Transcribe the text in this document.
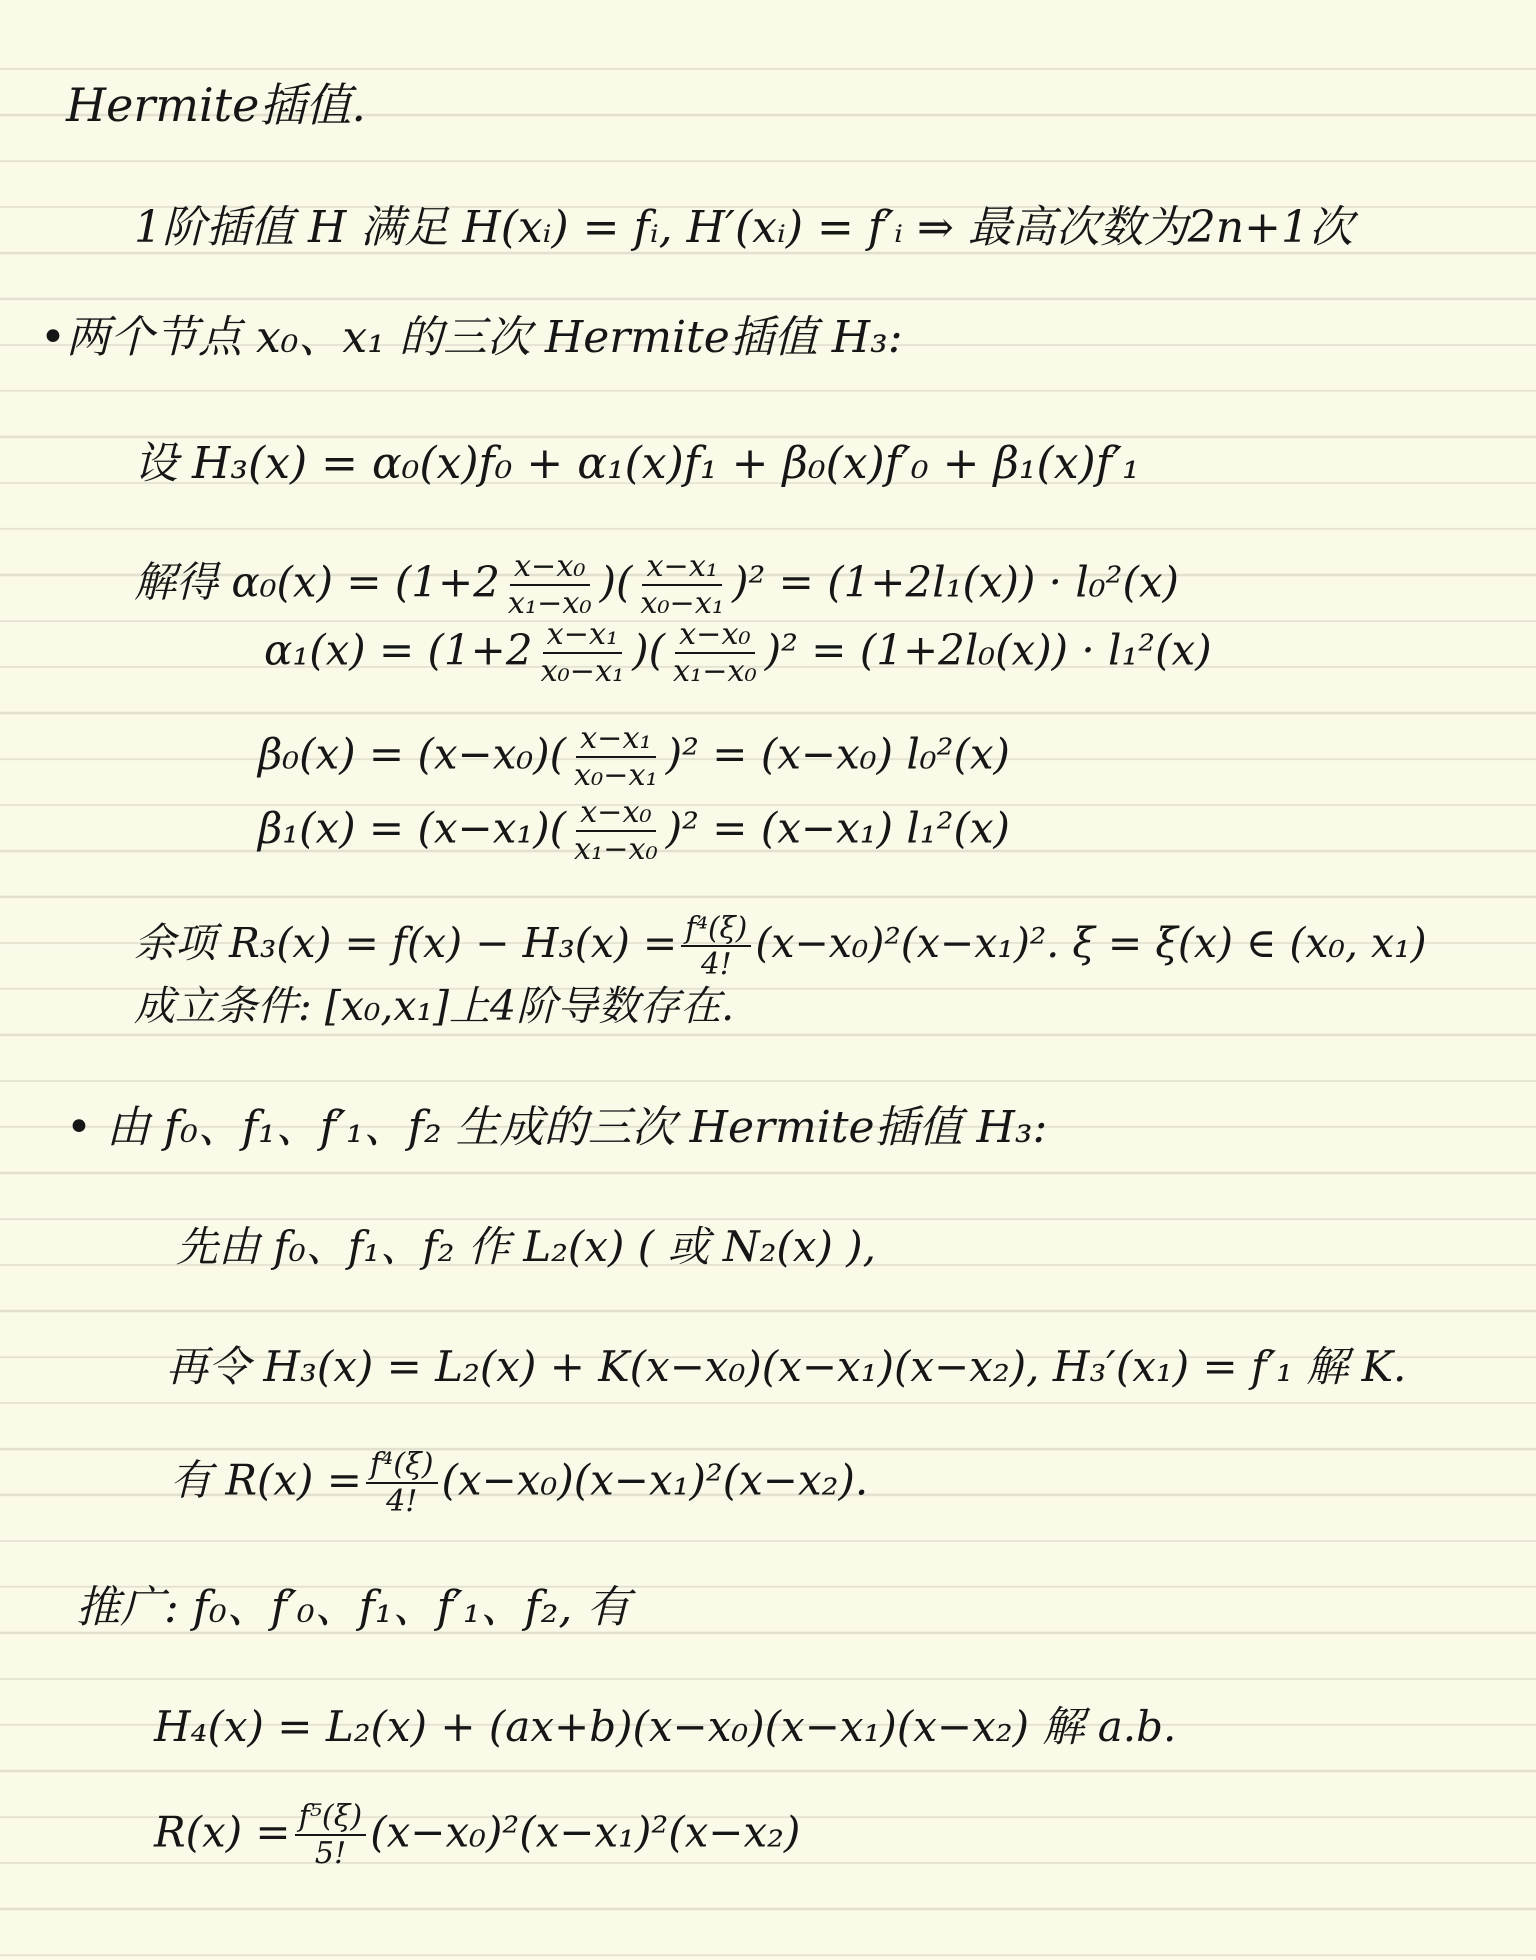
Hermite插值.
1阶插值 H 满足 H(xᵢ) = fᵢ, H′(xᵢ) = f′ᵢ ⇒ 最高次数为2n+1次
•两个节点 x₀、x₁ 的三次 Hermite插值 H₃:
设 H₃(x) = α₀(x)f₀ + α₁(x)f₁ + β₀(x)f′₀ + β₁(x)f′₁
解得 $\alpha_0(x) = (1+2 \frac{\text{x−x₀}}{\text{x₁−x₀}}$ )( $\frac{\text{x−x₁}}{\text{x₀−x₁}} )^2 = (1+2l_1(x)) \cdot l_0^2(x)$
$\alpha_1(x) = (1+2 \frac{\text{x−x₁}}{\text{x₀−x₁}}$ )( $\frac{\text{x−x₀}}{\text{x₁−x₀}} )^2 = (1+2l_0(x)) \cdot l_1^2(x)$
$\beta_0(x) = (x-x_0)( \frac{\text{x−x₁}}{\text{x₀−x₁}} )^2 = (x-x_0)$ l₀²(x)
$\beta_1(x) = (x-x_1)( \frac{\text{x−x₀}}{\text{x₁−x₀}} )^2 = (x-x_1)$ l₁²(x)
余项 $R_3(x) = f(x) - H_3(x) = \frac{\text{f⁴(ξ)}}{4!} (x-x_0)^2(x-x_1)^2$. ξ = ξ(x) ∈ (x₀, x₁)
成立条件: [x₀,x₁]上4阶导数存在.
• 由 f₀、f₁、f′₁、f₂ 生成的三次 Hermite插值 H₃:
先由 f₀、f₁、f₂ 作 L₂(x) ( 或 N₂(x) ),
再令 H₃(x) = L₂(x) + K(x−x₀)(x−x₁)(x−x₂), H₃′(x₁) = f′₁ 解 K.
有 $R(x) = \frac{\text{f⁴(ξ)}}{4!} (x-x_0)(x-x_1)^2(x-x_2)$.
推广: f₀、f′₀、f₁、f′₁、f₂, 有
H₄(x) = L₂(x) + (ax+b)(x−x₀)(x−x₁)(x−x₂) 解 a.b.
$R(x) = \frac{\text{f⁵(ξ)}}{5!} (x-x_0)^2(x-x_1)^2(x-x_2)$
